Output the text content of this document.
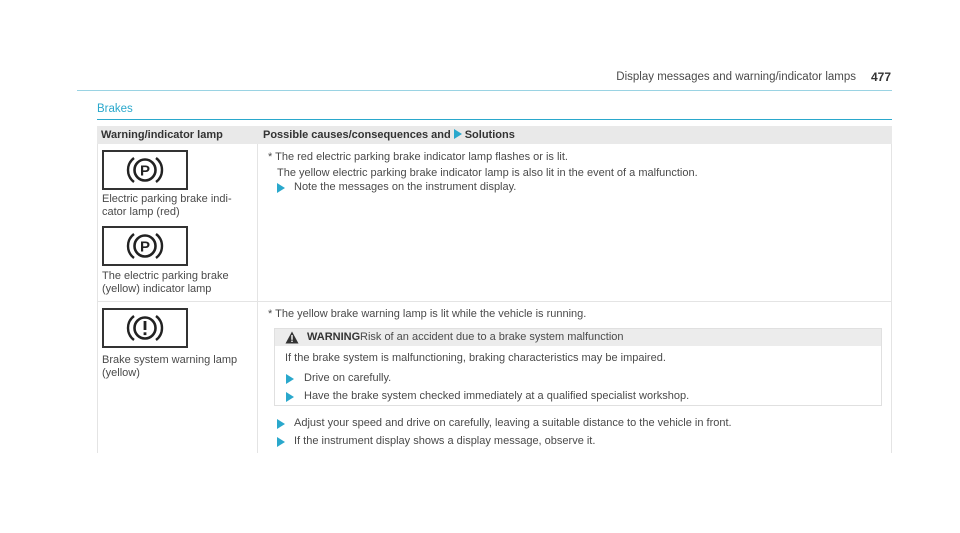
Display messages and warning/indicator lamps 477
Brakes
Warning/indicator lamp	Possible causes/consequences and Solutions
P
Electric parking brake indi-
cator lamp (red)
P
The electric parking brake
(yellow) indicator lamp
* The red electric parking brake indicator lamp flashes or is lit.
The yellow electric parking brake indicator lamp is also lit in the event of a malfunction.
Note the messages on the instrument display.
Brake system warning lamp
(yellow)
* The yellow brake warning lamp is lit while the vehicle is running.
WARNING Risk of an accident due to a brake system malfunction
If the brake system is malfunctioning, braking characteristics may be impaired.
Drive on carefully.
Have the brake system checked immediately at a qualified specialist workshop.
Adjust your speed and drive on carefully, leaving a suitable distance to the vehicle in front.
If the instrument display shows a display message, observe it.
